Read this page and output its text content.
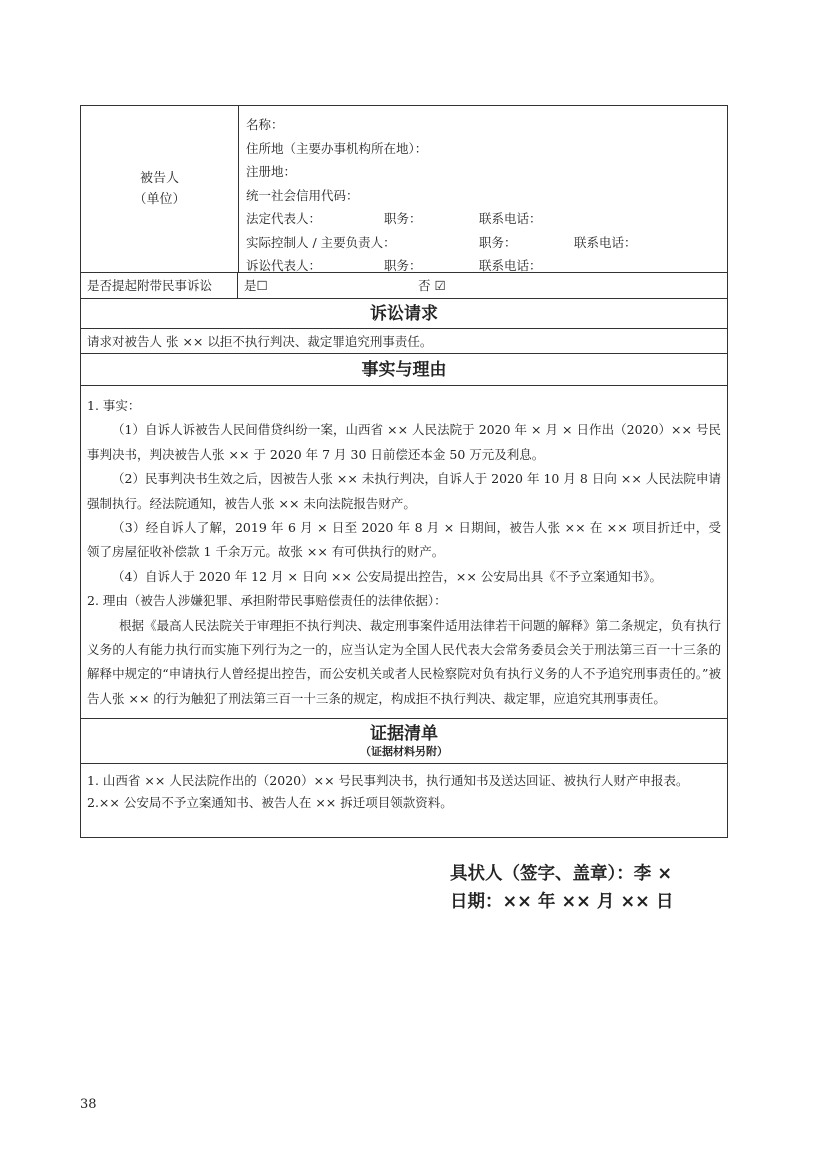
被告人
（单位）
名称：
住所地（主要办事机构所在地）：
注册地：
统一社会信用代码：
法定代表人：	职务：	联系电话：
实际控制人 / 主要负责人：	职务：	联系电话：
诉讼代表人：	职务：	联系电话：
是否提起附带民事诉讼	是☐	否 ☑
诉讼请求
请求对被告人 张 ×× 以拒不执行判决、裁定罪追究刑事责任。
事实与理由
1. 事实：
（1）自诉人诉被告人民间借贷纠纷一案，山西省 ×× 人民法院于 2020 年 × 月 × 日作出（2020）×× 号民事判决书，判决被告人张 ×× 于 2020 年 7 月 30 日前偿还本金 50 万元及利息。
（2）民事判决书生效之后，因被告人张 ×× 未执行判决，自诉人于 2020 年 10 月 8 日向 ×× 人民法院申请强制执行。经法院通知，被告人张 ×× 未向法院报告财产。
（3）经自诉人了解，2019 年 6 月 × 日至 2020 年 8 月 × 日期间，被告人张 ×× 在 ×× 项目折迁中，受领了房屋征收补偿款 1 千余万元。故张 ×× 有可供执行的财产。
（4）自诉人于 2020 年 12 月 × 日向 ×× 公安局提出控告，×× 公安局出具《不予立案通知书》。
2. 理由（被告人涉嫌犯罪、承担附带民事赔偿责任的法律依据）：
根据《最高人民法院关于审理拒不执行判决、裁定刑事案件适用法律若干问题的解释》第二条规定，负有执行义务的人有能力执行而实施下列行为之一的，应当认定为全国人民代表大会常务委员会关于刑法第三百一十三条的解释中规定的“申请执行人曾经提出控告，而公安机关或者人民检察院对负有执行义务的人不予追究刑事责任的。”被告人张 ×× 的行为触犯了刑法第三百一十三条的规定，构成拒不执行判决、裁定罪，应追究其刑事责任。
证据清单
（证据材料另附）
1. 山西省 ×× 人民法院作出的（2020）×× 号民事判决书，执行通知书及送达回证、被执行人财产申报表。
2.×× 公安局不予立案通知书、被告人在 ×× 拆迁项目领款资料。
具状人（签字、盖章）：李 ×
日期：×× 年 ×× 月 ×× 日
38
